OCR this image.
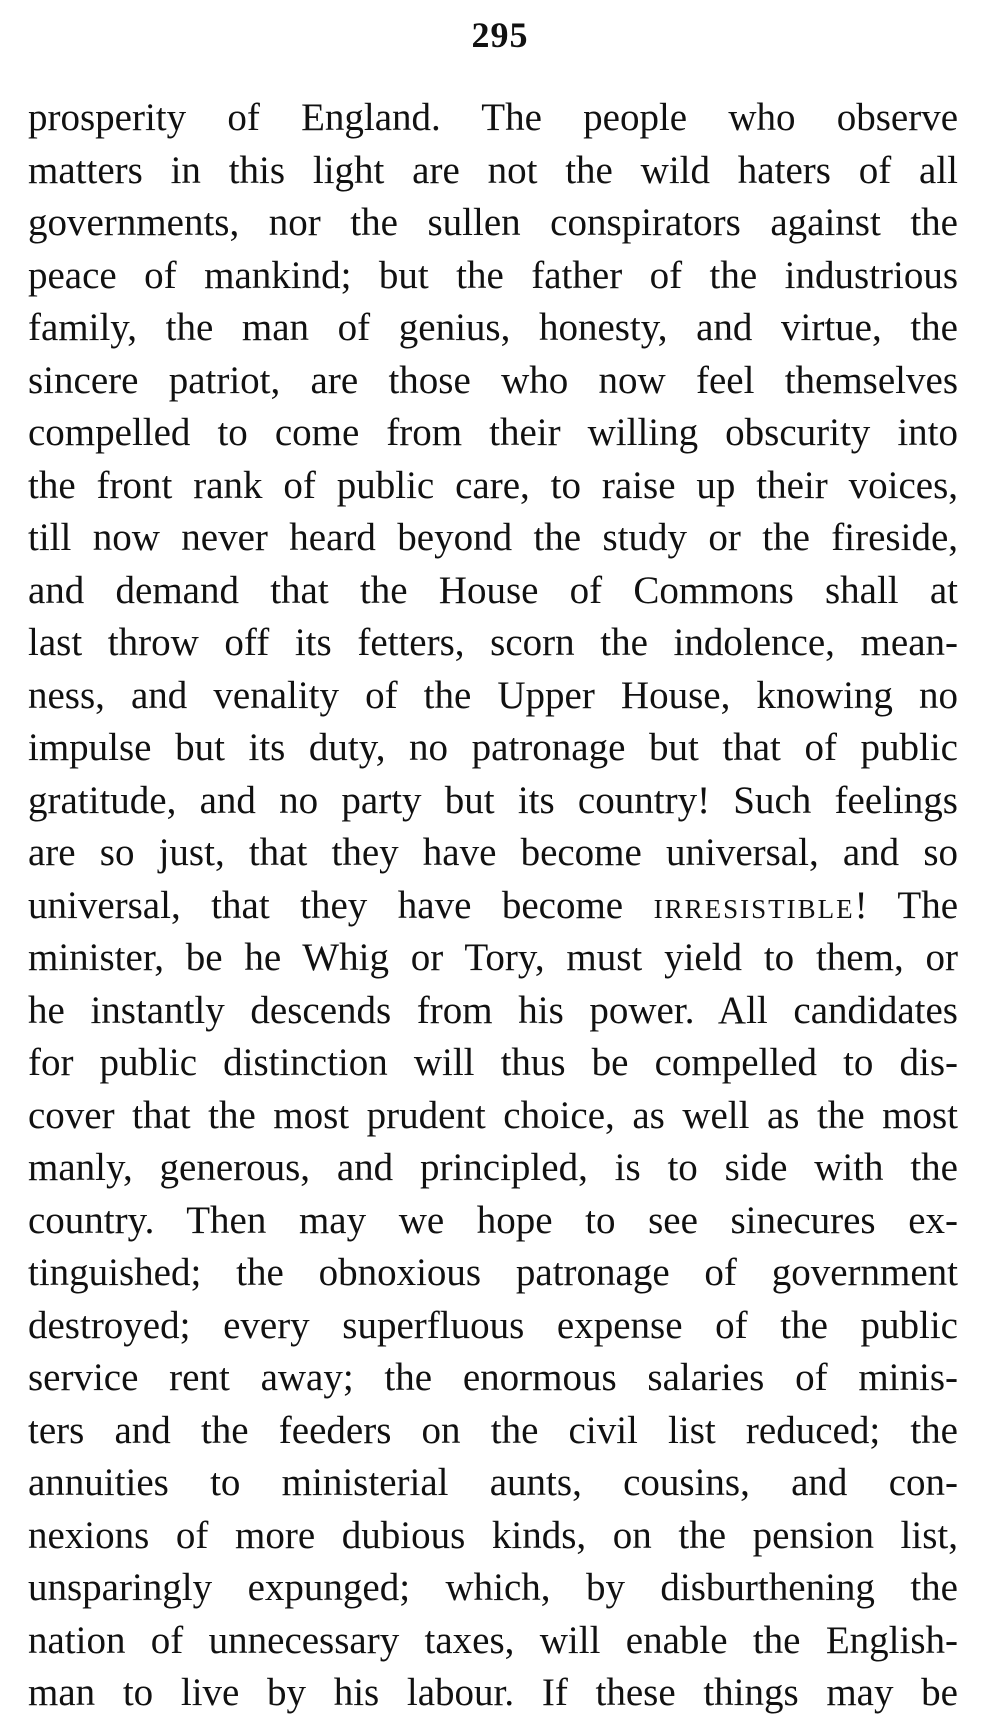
295
prosperity of England. The people who observe
matters in this light are not the wild haters of all
governments, nor the sullen conspirators against the
peace of mankind; but the father of the industrious
family, the man of genius, honesty, and virtue, the
sincere patriot, are those who now feel themselves
compelled to come from their willing obscurity into
the front rank of public care, to raise up their voices,
till now never heard beyond the study or the fireside,
and demand that the House of Commons shall at
last throw off its fetters, scorn the indolence, mean-
ness, and venality of the Upper House, knowing no
impulse but its duty, no patronage but that of public
gratitude, and no party but its country! Such feelings
are so just, that they have become universal, and so
universal, that they have become irresistible! The
minister, be he Whig or Tory, must yield to them, or
he instantly descends from his power. All candidates
for public distinction will thus be compelled to dis-
cover that the most prudent choice, as well as the most
manly, generous, and principled, is to side with the
country. Then may we hope to see sinecures ex-
tinguished; the obnoxious patronage of government
destroyed; every superfluous expense of the public
service rent away; the enormous salaries of minis-
ters and the feeders on the civil list reduced; the
annuities to ministerial aunts, cousins, and con-
nexions of more dubious kinds, on the pension list,
unsparingly expunged; which, by disburthening the
nation of unnecessary taxes, will enable the English-
man to live by his labour. If these things may be
